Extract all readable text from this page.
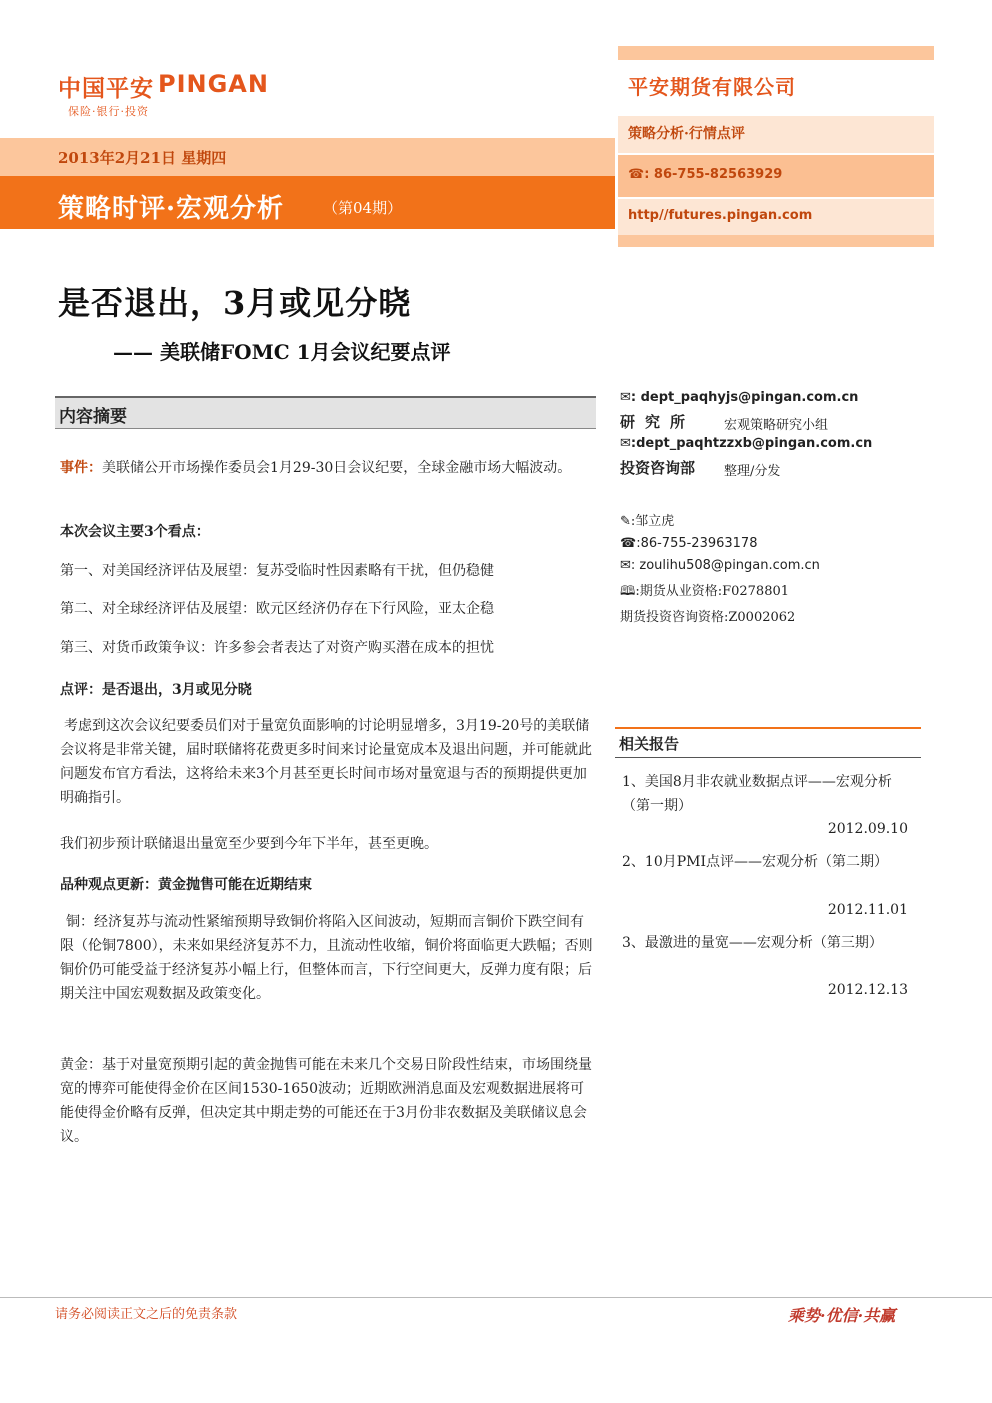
中国平安 PINGAN
保险·银行·投资
2013年2月21日 星期四
策略时评·宏观分析	（第04期）
平安期货有限公司
策略分析·行情点评
☎: 86-755-82563929
http//futures.pingan.com
是否退出，3月或见分晓
—— 美联储FOMC 1月会议纪要点评
内容摘要
事件：美联储公开市场操作委员会1月29-30日会议纪要，全球金融市场大幅波动。
本次会议主要3个看点：
第一、对美国经济评估及展望：复苏受临时性因素略有干扰，但仍稳健
第二、对全球经济评估及展望：欧元区经济仍存在下行风险，亚太企稳
第三、对货币政策争议：许多参会者表达了对资产购买潜在成本的担忧
点评：是否退出，3月或见分晓
考虑到这次会议纪要委员们对于量宽负面影响的讨论明显增多，3月19-20号的美联储会议将是非常关键，届时联储将花费更多时间来讨论量宽成本及退出问题，并可能就此问题发布官方看法，这将给未来3个月甚至更长时间市场对量宽退与否的预期提供更加明确指引。
我们初步预计联储退出量宽至少要到今年下半年，甚至更晚。
品种观点更新：黄金抛售可能在近期结束
铜：经济复苏与流动性紧缩预期导致铜价将陷入区间波动，短期而言铜价下跌空间有限（伦铜7800），未来如果经济复苏不力，且流动性收缩，铜价将面临更大跌幅；否则铜价仍可能受益于经济复苏小幅上行，但整体而言，下行空间更大，反弹力度有限；后期关注中国宏观数据及政策变化。
黄金：基于对量宽预期引起的黄金抛售可能在未来几个交易日阶段性结束，市场围绕量宽的博弈可能使得金价在区间1530-1650波动；近期欧洲消息面及宏观数据进展将可能使得金价略有反弹，但决定其中期走势的可能还在于3月份非农数据及美联储议息会议。
✉: dept_paqhyjs@pingan.com.cn
研究所 宏观策略研究小组
✉:dept_paqhtzzxb@pingan.com.cn
投资咨询部 整理/分发
✎:邹立虎
☎:86-755-23963178
✉: zoulihu508@pingan.com.cn
🕮:期货从业资格:F0278801
期货投资咨询资格:Z0002062
相关报告
1、美国8月非农就业数据点评——宏观分析（第一期）
2012.09.10
2、10月PMI点评——宏观分析（第二期）
2012.11.01
3、最激进的量宽——宏观分析（第三期）
2012.12.13
请务必阅读正文之后的免责条款	乘势·优信·共赢
